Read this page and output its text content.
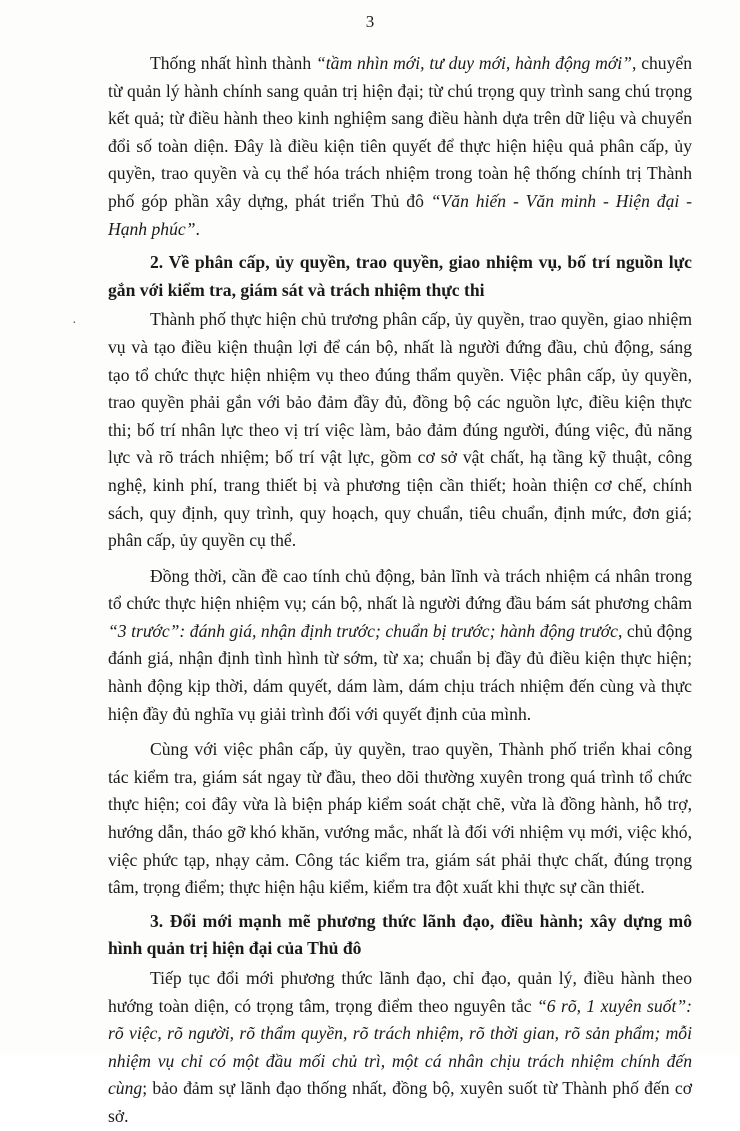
3

Thống nhất hình thành “tầm nhìn mới, tư duy mới, hành động mới”, chuyển từ quản lý hành chính sang quản trị hiện đại; từ chú trọng quy trình sang chú trọng kết quả; từ điều hành theo kinh nghiệm sang điều hành dựa trên dữ liệu và chuyển đổi số toàn diện. Đây là điều kiện tiên quyết để thực hiện hiệu quả phân cấp, ủy quyền, trao quyền và cụ thể hóa trách nhiệm trong toàn hệ thống chính trị Thành phố góp phần xây dựng, phát triển Thủ đô “Văn hiến - Văn minh - Hiện đại - Hạnh phúc”.

2. Về phân cấp, ủy quyền, trao quyền, giao nhiệm vụ, bố trí nguồn lực gắn với kiểm tra, giám sát và trách nhiệm thực thi

Thành phố thực hiện chủ trương phân cấp, ủy quyền, trao quyền, giao nhiệm vụ và tạo điều kiện thuận lợi để cán bộ, nhất là người đứng đầu, chủ động, sáng tạo tổ chức thực hiện nhiệm vụ theo đúng thẩm quyền. Việc phân cấp, ủy quyền, trao quyền phải gắn với bảo đảm đầy đủ, đồng bộ các nguồn lực, điều kiện thực thi; bố trí nhân lực theo vị trí việc làm, bảo đảm đúng người, đúng việc, đủ năng lực và rõ trách nhiệm; bố trí vật lực, gồm cơ sở vật chất, hạ tầng kỹ thuật, công nghệ, kinh phí, trang thiết bị và phương tiện cần thiết; hoàn thiện cơ chế, chính sách, quy định, quy trình, quy hoạch, quy chuẩn, tiêu chuẩn, định mức, đơn giá; phân cấp, ủy quyền cụ thể.

Đồng thời, cần đề cao tính chủ động, bản lĩnh và trách nhiệm cá nhân trong tổ chức thực hiện nhiệm vụ; cán bộ, nhất là người đứng đầu bám sát phương châm “3 trước”: đánh giá, nhận định trước; chuẩn bị trước; hành động trước, chủ động đánh giá, nhận định tình hình từ sớm, từ xa; chuẩn bị đầy đủ điều kiện thực hiện; hành động kịp thời, dám quyết, dám làm, dám chịu trách nhiệm đến cùng và thực hiện đầy đủ nghĩa vụ giải trình đối với quyết định của mình.

Cùng với việc phân cấp, ủy quyền, trao quyền, Thành phố triển khai công tác kiểm tra, giám sát ngay từ đầu, theo dõi thường xuyên trong quá trình tổ chức thực hiện; coi đây vừa là biện pháp kiểm soát chặt chẽ, vừa là đồng hành, hỗ trợ, hướng dẫn, tháo gỡ khó khăn, vướng mắc, nhất là đối với nhiệm vụ mới, việc khó, việc phức tạp, nhạy cảm. Công tác kiểm tra, giám sát phải thực chất, đúng trọng tâm, trọng điểm; thực hiện hậu kiểm, kiểm tra đột xuất khi thực sự cần thiết.

3. Đổi mới mạnh mẽ phương thức lãnh đạo, điều hành; xây dựng mô hình quản trị hiện đại của Thủ đô

Tiếp tục đổi mới phương thức lãnh đạo, chỉ đạo, quản lý, điều hành theo hướng toàn diện, có trọng tâm, trọng điểm theo nguyên tắc “6 rõ, 1 xuyên suốt”: rõ việc, rõ người, rõ thẩm quyền, rõ trách nhiệm, rõ thời gian, rõ sản phẩm; mỗi nhiệm vụ chỉ có một đầu mối chủ trì, một cá nhân chịu trách nhiệm chính đến cùng; bảo đảm sự lãnh đạo thống nhất, đồng bộ, xuyên suốt từ Thành phố đến cơ sở.

·
